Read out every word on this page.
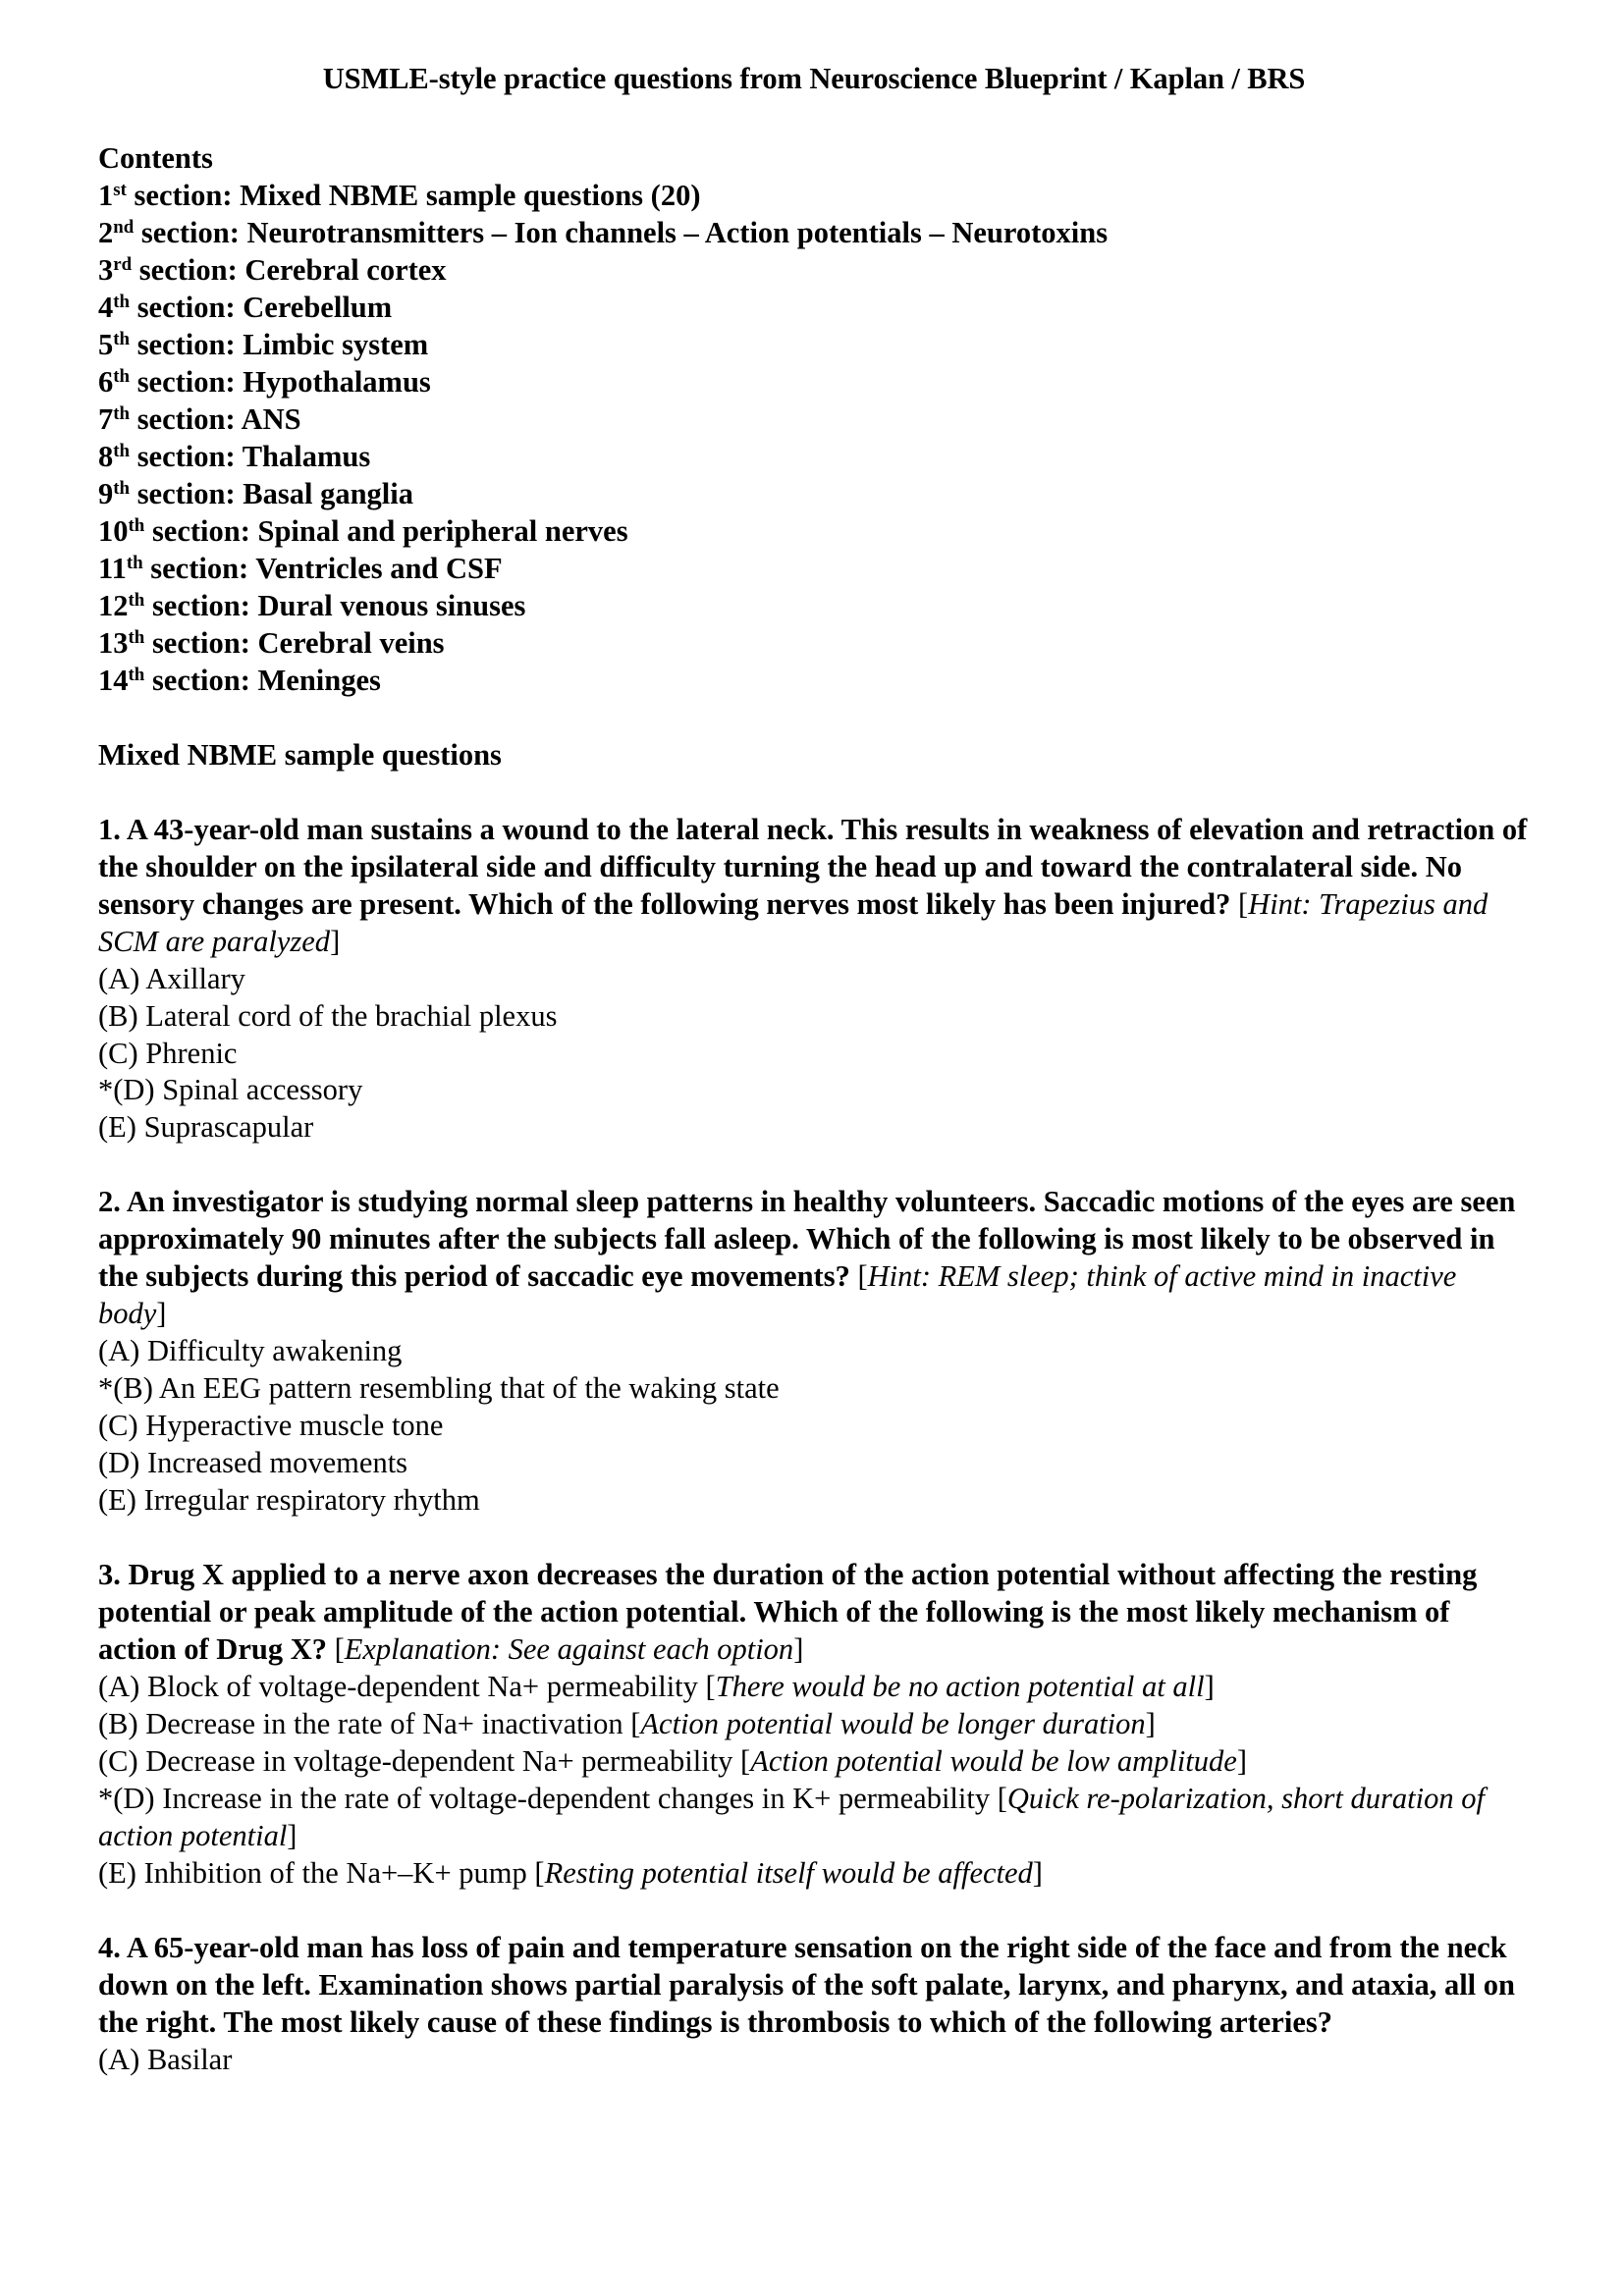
USMLE-style practice questions from Neuroscience Blueprint / Kaplan / BRS
Contents
1st section: Mixed NBME sample questions (20)
2nd section: Neurotransmitters – Ion channels – Action potentials – Neurotoxins
3rd section: Cerebral cortex
4th section: Cerebellum
5th section: Limbic system
6th section: Hypothalamus
7th section: ANS
8th section: Thalamus
9th section: Basal ganglia
10th section: Spinal and peripheral nerves
11th section: Ventricles and CSF
12th section: Dural venous sinuses
13th section: Cerebral veins
14th section: Meninges
Mixed NBME sample questions

1. A 43-year-old man sustains a wound to the lateral neck. This results in weakness of elevation and retraction of the shoulder on the ipsilateral side and difficulty turning the head up and toward the contralateral side. No sensory changes are present. Which of the following nerves most likely has been injured? [Hint: Trapezius and SCM are paralyzed]

(A) Axillary

(B) Lateral cord of the brachial plexus

(C) Phrenic

*(D) Spinal accessory

(E) Suprascapular

2. An investigator is studying normal sleep patterns in healthy volunteers. Saccadic motions of the eyes are seen approximately 90 minutes after the subjects fall asleep. Which of the following is most likely to be observed in the subjects during this period of saccadic eye movements? [Hint: REM sleep; think of active mind in inactive body]

(A) Difficulty awakening

*(B) An EEG pattern resembling that of the waking state

(C) Hyperactive muscle tone

(D) Increased movements

(E) Irregular respiratory rhythm

3. Drug X applied to a nerve axon decreases the duration of the action potential without affecting the resting potential or peak amplitude of the action potential. Which of the following is the most likely mechanism of action of Drug X? [Explanation: See against each option]

(A) Block of voltage-dependent Na+ permeability [There would be no action potential at all]

(B) Decrease in the rate of Na+ inactivation [Action potential would be longer duration]

(C) Decrease in voltage-dependent Na+ permeability [Action potential would be low amplitude]

*(D) Increase in the rate of voltage-dependent changes in K+ permeability [Quick re-polarization, short duration of action potential]

(E) Inhibition of the Na+–K+ pump [Resting potential itself would be affected]

4. A 65-year-old man has loss of pain and temperature sensation on the right side of the face and from the neck down on the left. Examination shows partial paralysis of the soft palate, larynx, and pharynx, and ataxia, all on the right. The most likely cause of these findings is thrombosis to which of the following arteries?

(A) Basilar
